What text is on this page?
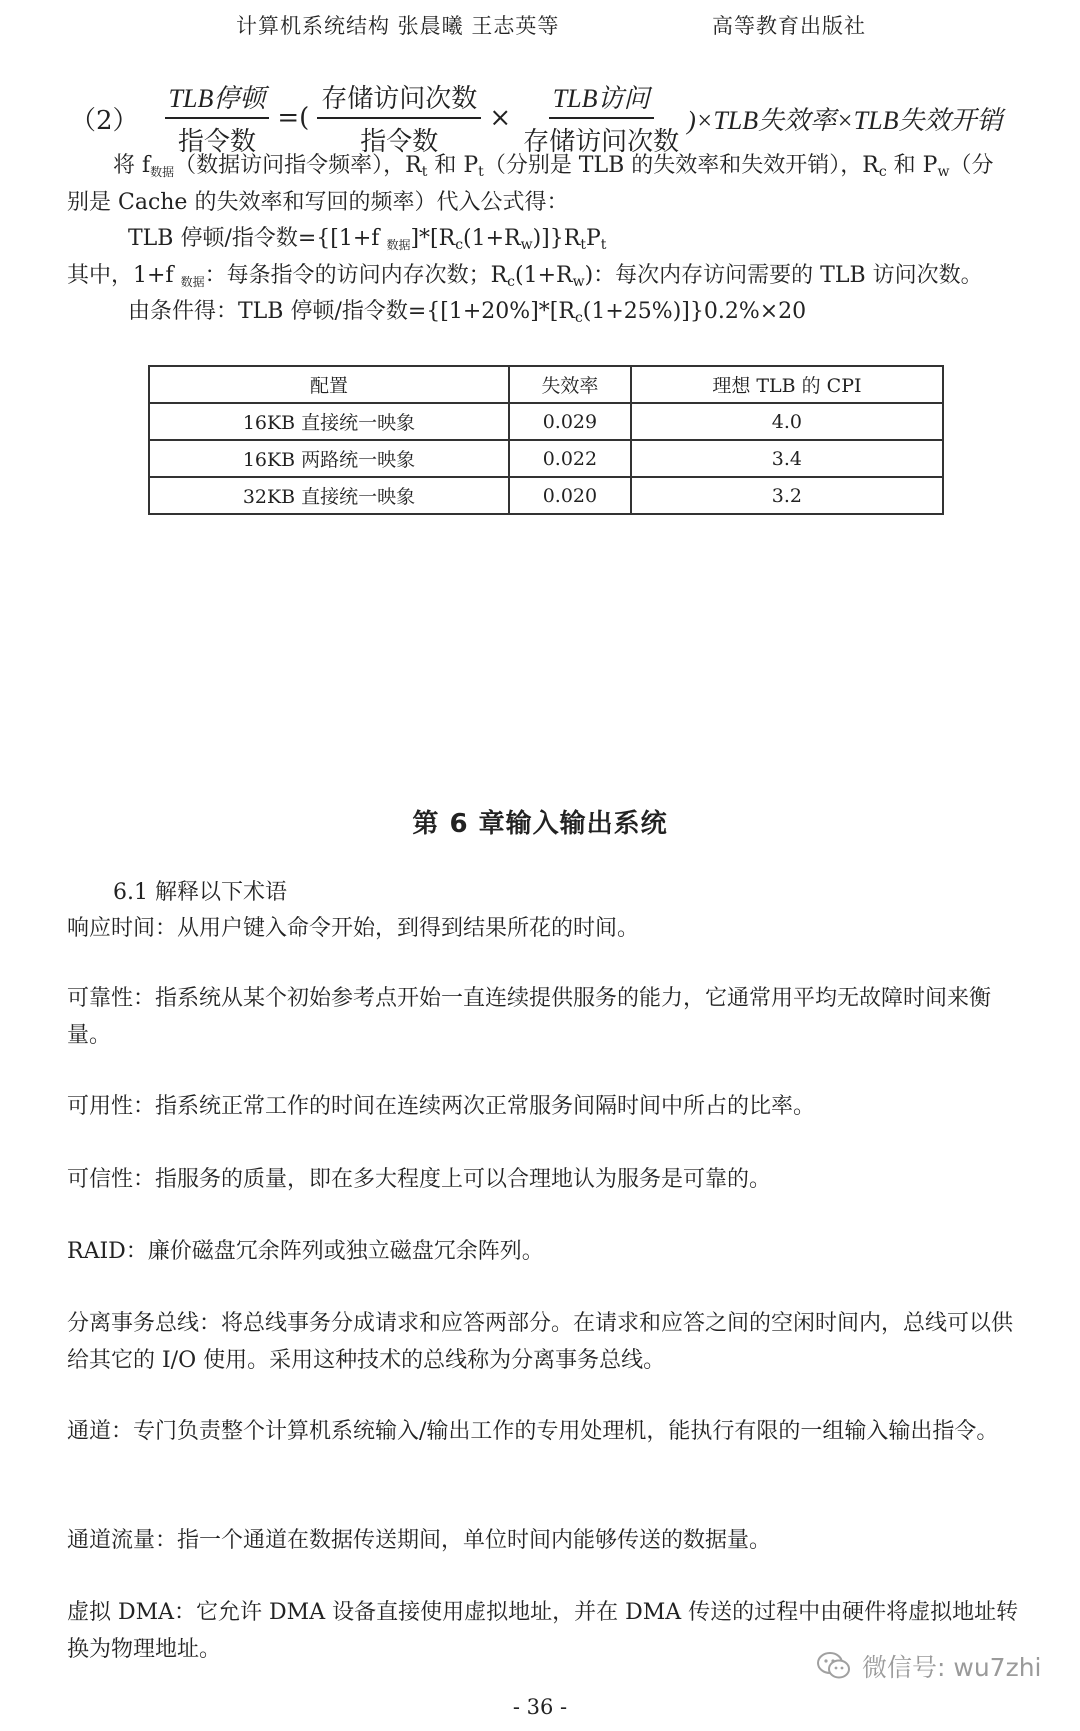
计算机系统结构 张晨曦 王志英等	高等教育出版社
$(2) \frac{\text{TLB停顿}}{\text{指令数}}$ =( $\frac{\text{存储访问次数}}{\text{指令数}} \times \frac{\text{TLB访问}}{\text{存储访问次数}} )\times TLB$失效率×TLB失效开销
将 $f_{数据}$（数据访问指令频率），$R_t$ 和 $P_t$（分别是 TLB 的失效率和失效开销），$R_c$ 和 $P_w$（分
别是 Cache 的失效率和写回的频率）代入公式得：
TLB 停顿/指令数={[1+f $_{数据}]*[R_c(1+R_w)]\}R_tP_t$
其中，1+f $_{数据}$：每条指令的访问内存次数；$R_c(1+R_w)$：每次内存访问需要的 TLB 访问次数。
由条件得：TLB 停顿/指令数$=\{[1+20\%]*[R_c(1+25\%)]\}0.2\%\times 20$
配置	失效率	理想 TLB 的 CPI
16KB 直接统一映象	0.029	4.0
16KB 两路统一映象	0.022	3.4
32KB 直接统一映象	0.020	3.2
第 6 章输入输出系统
6.1 解释以下术语
响应时间：从用户键入命令开始，到得到结果所花的时间。
可靠性：指系统从某个初始参考点开始一直连续提供服务的能力，它通常用平均无故障时间来衡量。
可用性：指系统正常工作的时间在连续两次正常服务间隔时间中所占的比率。
可信性：指服务的质量，即在多大程度上可以合理地认为服务是可靠的。
RAID：廉价磁盘冗余阵列或独立磁盘冗余阵列。
分离事务总线：将总线事务分成请求和应答两部分。在请求和应答之间的空闲时间内，总线可以供给其它的 I/O 使用。采用这种技术的总线称为分离事务总线。
通道：专门负责整个计算机系统输入/输出工作的专用处理机，能执行有限的一组输入输出指令。
通道流量：指一个通道在数据传送期间，单位时间内能够传送的数据量。
虚拟 DMA：它允许 DMA 设备直接使用虚拟地址，并在 DMA 传送的过程中由硬件将虚拟地址转换为物理地址。
微信号: wu7zhi
- 36 -
